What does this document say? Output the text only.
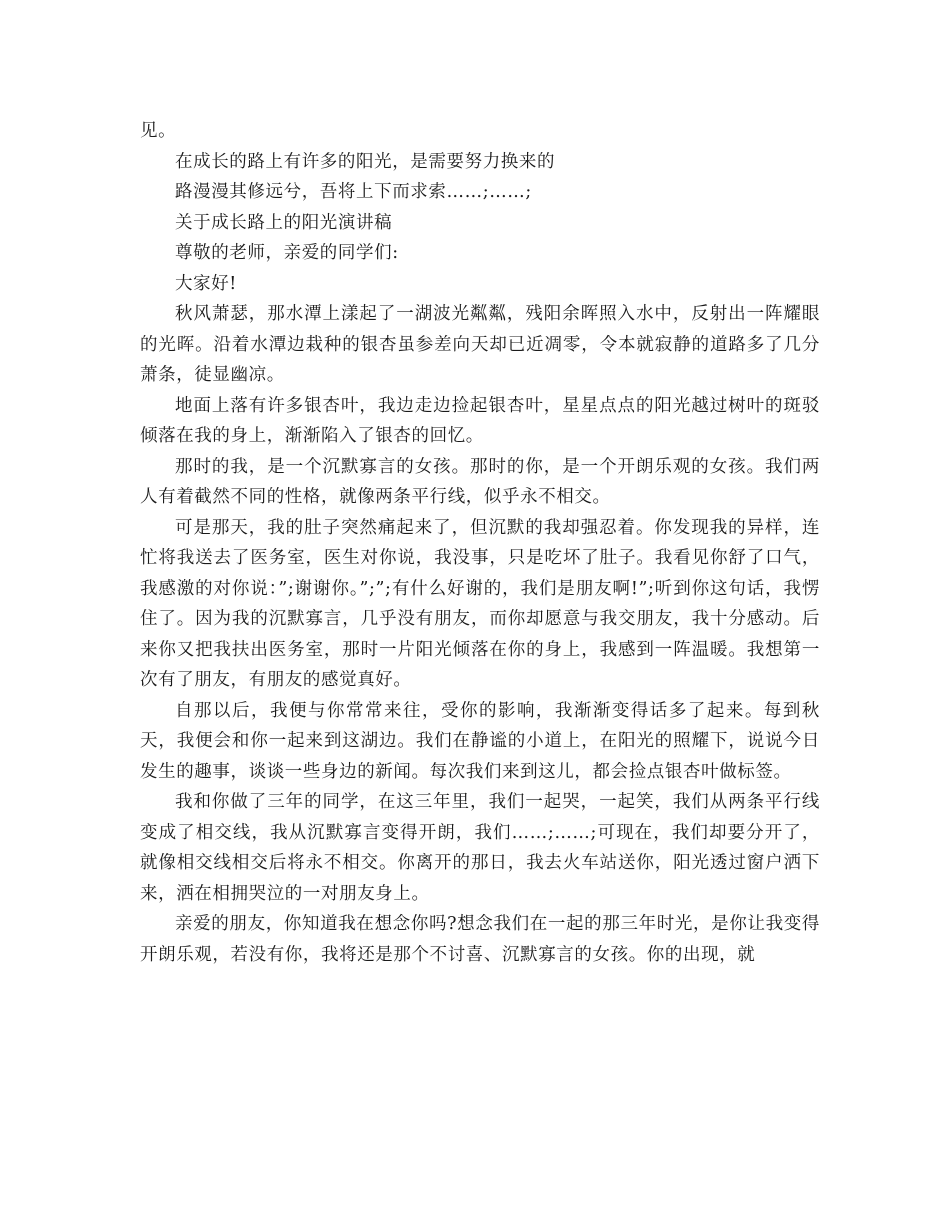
见。

在成长的路上有许多的阳光，是需要努力换来的

路漫漫其修远兮，吾将上下而求索……;……;

关于成长路上的阳光演讲稿

尊敬的老师，亲爱的同学们:

大家好!

秋风萧瑟，那水潭上漾起了一湖波光粼粼，残阳余晖照入水中，反射出一阵耀眼的光晖。沿着水潭边栽种的银杏虽参差向天却已近凋零，令本就寂静的道路多了几分萧条，徒显幽凉。

地面上落有许多银杏叶，我边走边捡起银杏叶，星星点点的阳光越过树叶的斑驳倾落在我的身上，渐渐陷入了银杏的回忆。

那时的我，是一个沉默寡言的女孩。那时的你，是一个开朗乐观的女孩。我们两人有着截然不同的性格，就像两条平行线，似乎永不相交。

可是那天，我的肚子突然痛起来了，但沉默的我却强忍着。你发现我的异样，连忙将我送去了医务室，医生对你说，我没事，只是吃坏了肚子。我看见你舒了口气，我感激的对你说：”;谢谢你。”;”;有什么好谢的，我们是朋友啊!”;听到你这句话，我愣住了。因为我的沉默寡言，几乎没有朋友，而你却愿意与我交朋友，我十分感动。后来你又把我扶出医务室，那时一片阳光倾落在你的身上，我感到一阵温暖。我想第一次有了朋友，有朋友的感觉真好。

自那以后，我便与你常常来往，受你的影响，我渐渐变得话多了起来。每到秋天，我便会和你一起来到这湖边。我们在静谧的小道上，在阳光的照耀下，说说今日发生的趣事，谈谈一些身边的新闻。每次我们来到这儿，都会捡点银杏叶做标签。

我和你做了三年的同学，在这三年里，我们一起哭，一起笑，我们从两条平行线变成了相交线，我从沉默寡言变得开朗，我们……;……;可现在，我们却要分开了，就像相交线相交后将永不相交。你离开的那日，我去火车站送你，阳光透过窗户洒下来，洒在相拥哭泣的一对朋友身上。

亲爱的朋友，你知道我在想念你吗?想念我们在一起的那三年时光，是你让我变得开朗乐观，若没有你，我将还是那个不讨喜、沉默寡言的女孩。你的出现，就
